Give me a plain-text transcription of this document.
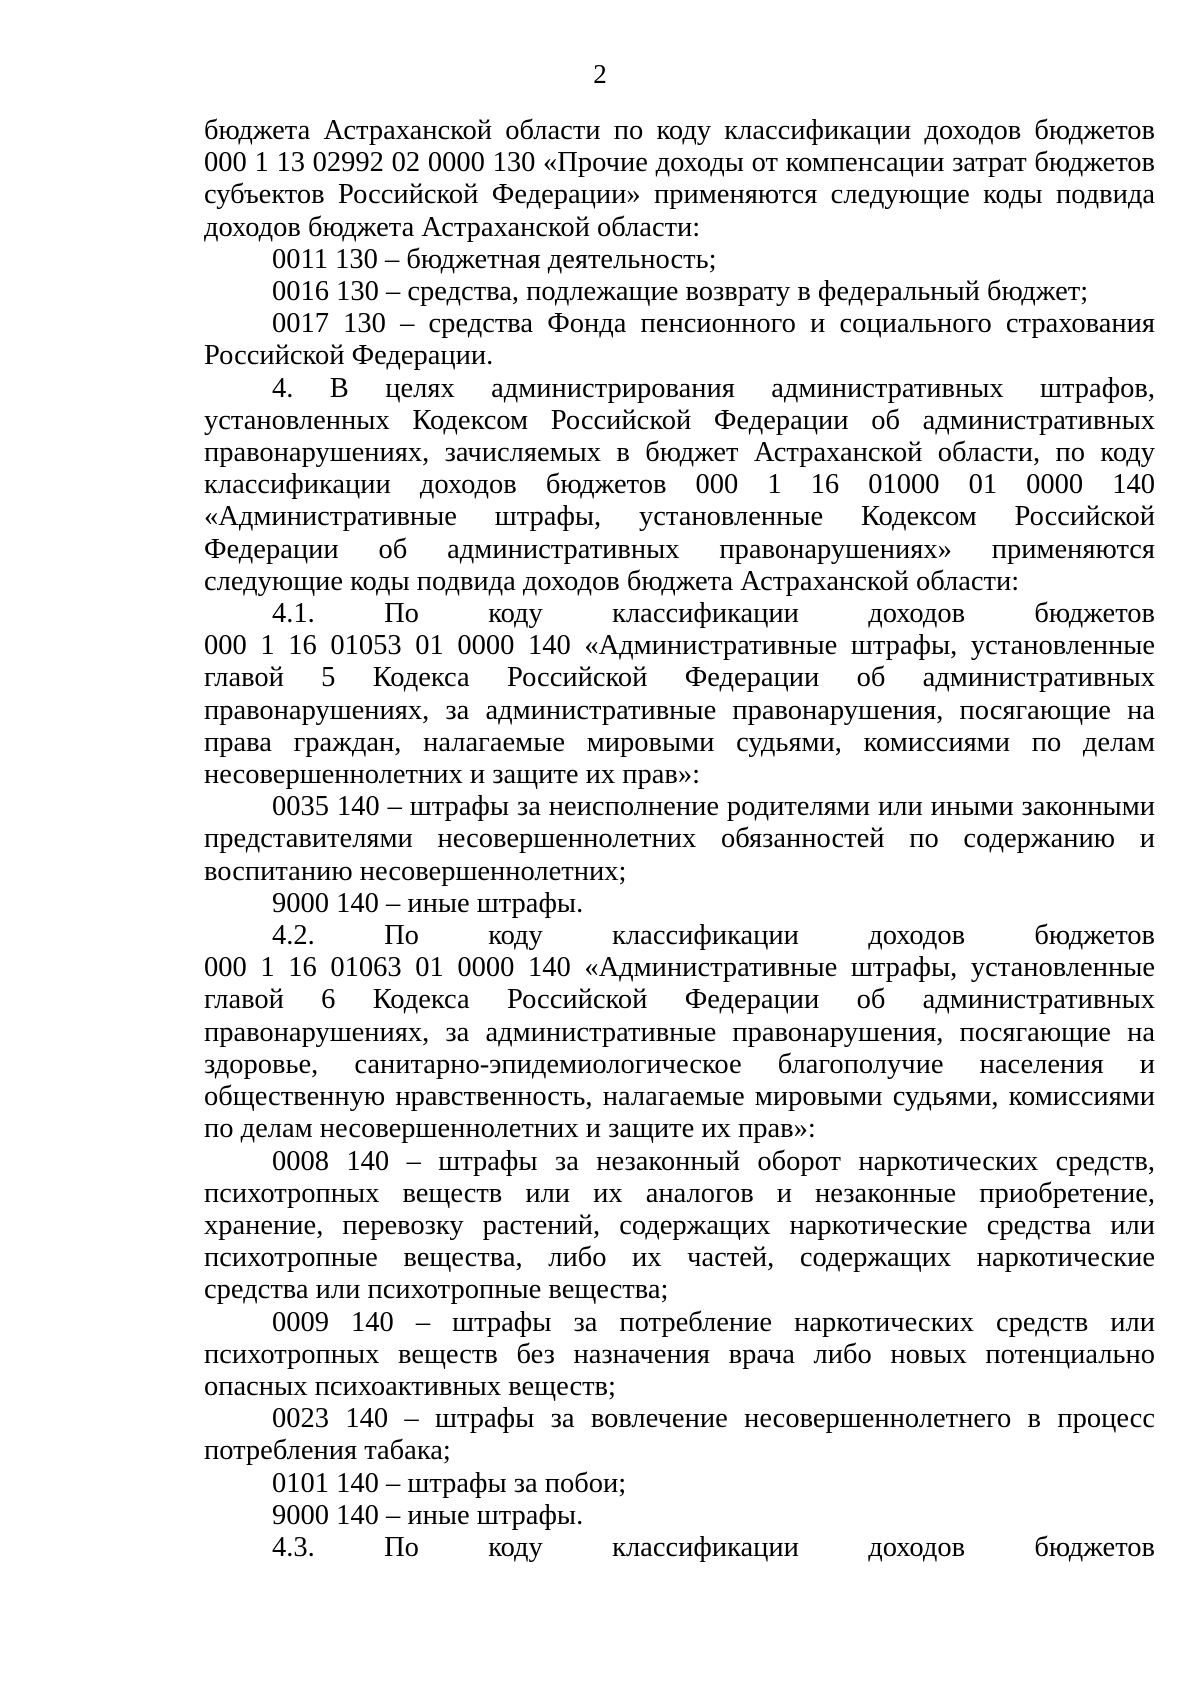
2

бюджета Астраханской области по коду классификации доходов бюджетов 000 1 13 02992 02 0000 130 «Прочие доходы от компенсации затрат бюджетов субъектов Российской Федерации» применяются следующие коды подвида доходов бюджета Астраханской области:

0011 130 – бюджетная деятельность;

0016 130 – средства, подлежащие возврату в федеральный бюджет;

0017 130 – средства Фонда пенсионного и социального страхования Российской Федерации.

4. В целях администрирования административных штрафов, установленных Кодексом Российской Федерации об административных правонарушениях, зачисляемых в бюджет Астраханской области, по коду классификации доходов бюджетов 000 1 16 01000 01 0000 140 «Административные штрафы, установленные Кодексом Российской Федерации об административных правонарушениях» применяются следующие коды подвида доходов бюджета Астраханской области:

4.1. По коду классификации доходов бюджетов

000 1 16 01053 01 0000 140 «Административные штрафы, установленные главой 5 Кодекса Российской Федерации об административных правонарушениях, за административные правонарушения, посягающие на права граждан, налагаемые мировыми судьями, комиссиями по делам несовершеннолетних и защите их прав»:

0035 140 – штрафы за неисполнение родителями или иными законными представителями несовершеннолетних обязанностей по содержанию и воспитанию несовершеннолетних;

9000 140 – иные штрафы.

4.2. По коду классификации доходов бюджетов

000 1 16 01063 01 0000 140 «Административные штрафы, установленные главой 6 Кодекса Российской Федерации об административных правонарушениях, за административные правонарушения, посягающие на здоровье, санитарно-эпидемиологическое благополучие населения и общественную нравственность, налагаемые мировыми судьями, комиссиями по делам несовершеннолетних и защите их прав»:

0008 140 – штрафы за незаконный оборот наркотических средств, психотропных веществ или их аналогов и незаконные приобретение, хранение, перевозку растений, содержащих наркотические средства или психотропные вещества, либо их частей, содержащих наркотические средства или психотропные вещества;

0009 140 – штрафы за потребление наркотических средств или психотропных веществ без назначения врача либо новых потенциально опасных психоактивных веществ;

0023 140 – штрафы за вовлечение несовершеннолетнего в процесс потребления табака;

0101 140 – штрафы за побои;

9000 140 – иные штрафы.

4.3. По коду классификации доходов бюджетов
